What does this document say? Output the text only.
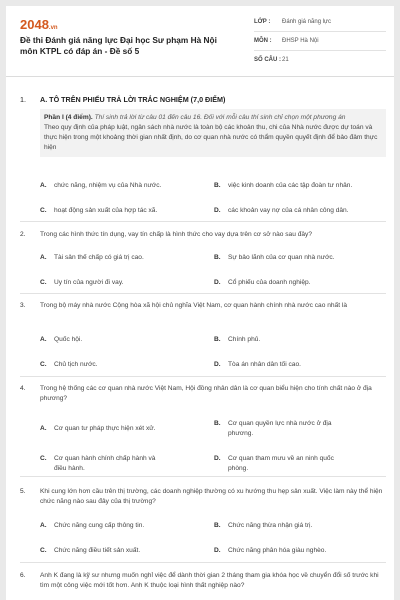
2048.vn
Đề thi Đánh giá năng lực Đại học Sư phạm Hà Nội môn KTPL có đáp án - Đề số 5
LỚP :	Đánh giá năng lực
MÔN :	ĐHSP Hà Nội
SỐ CÂU : 21
1. A. TÔ TRÊN PHIẾU TRẢ LỜI TRẮC NGHIỆM (7,0 ĐIỂM)
Phần I (4 điểm). Thí sinh trả lời từ câu 01 đến câu 16. Đối với mỗi câu thí sinh chỉ chọn một phương án
Theo quy định của pháp luật, ngân sách nhà nước là toàn bộ các khoản thu, chi của Nhà nước được dự toán và thực hiện trong một khoảng thời gian nhất định, do cơ quan nhà nước có thẩm quyền quyết định để bảo đảm thực hiện
A.	chức năng, nhiệm vụ của Nhà nước.	B.	việc kinh doanh của các tập đoàn tư nhân.
C.	hoạt động sản xuất của hợp tác xã.	D.	các khoản vay nợ của cá nhân công dân.
2.	Trong các hình thức tín dụng, vay tín chấp là hình thức cho vay dựa trên cơ sở nào sau đây?
A.	Tài sản thế chấp có giá trị cao.	B.	Sự bảo lãnh của cơ quan nhà nước.
C.	Uy tín của người đi vay.	D.	Cổ phiếu của doanh nghiệp.
3.	Trong bộ máy nhà nước Cộng hòa xã hội chủ nghĩa Việt Nam, cơ quan hành chính nhà nước cao nhất là
A.	Quốc hội.	B.	Chính phủ.
C.	Chủ tịch nước.	D.	Tòa án nhân dân tối cao.
4.	Trong hệ thống các cơ quan nhà nước Việt Nam, Hội đồng nhân dân là cơ quan biểu hiện cho tính chất nào ở địa phương?
A.	Cơ quan tư pháp thực hiện xét xử.
B.	Cơ quan quyền lực nhà nước ở địa phương.
C.	Cơ quan hành chính chấp hành và điều hành.
D.	Cơ quan tham mưu về an ninh quốc phòng.
5.	Khi cung lớn hơn cầu trên thị trường, các doanh nghiệp thường có xu hướng thu hẹp sản xuất. Việc làm này thể hiện chức năng nào sau đây của thị trường?
A.	Chức năng cung cấp thông tin.	B.	Chức năng thừa nhận giá trị.
C.	Chức năng điều tiết sản xuất.	D.	Chức năng phân hóa giàu nghèo.
6.	Anh K đang là kỹ sư nhưng muốn nghỉ việc để dành thời gian 2 tháng tham gia khóa học về chuyển đổi số trước khi tìm một công việc mới tốt hơn. Anh K thuộc loại hình thất nghiệp nào?
